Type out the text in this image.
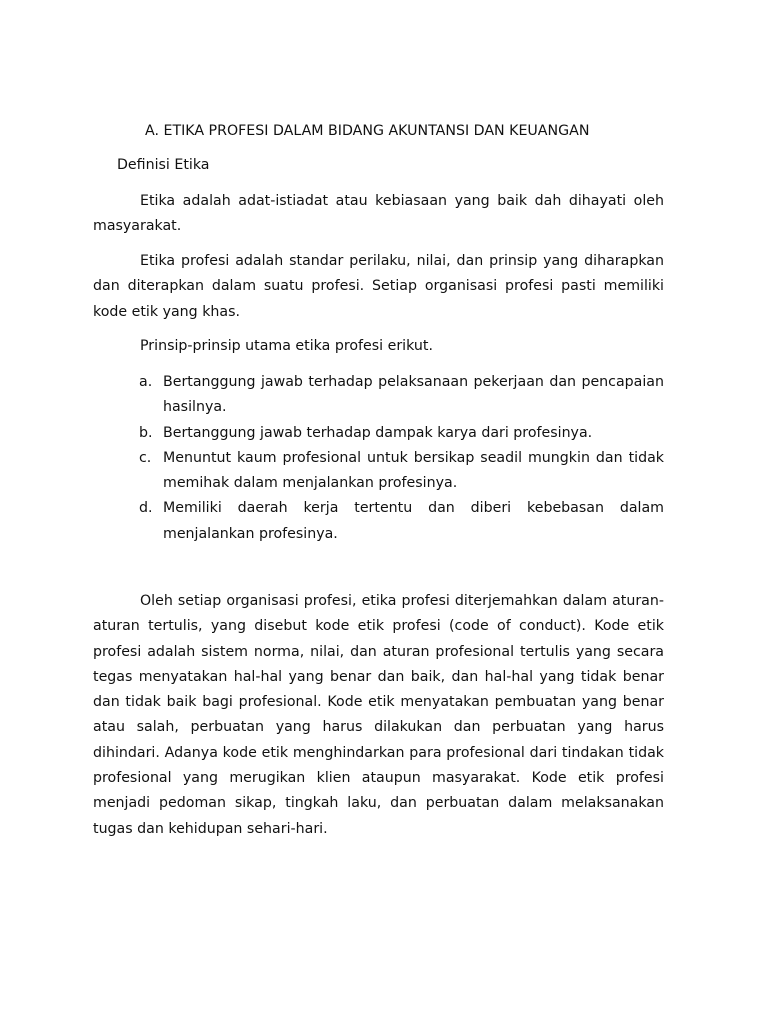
A. ETIKA PROFESI DALAM BIDANG AKUNTANSI DAN KEUANGAN
Definisi Etika

Etika adalah adat-istiadat atau kebiasaan yang baik dah dihayati oleh masyarakat.

Etika profesi adalah standar perilaku, nilai, dan prinsip yang diharapkan dan diterapkan dalam suatu profesi. Setiap organisasi profesi pasti memiliki kode etik yang khas.

Prinsip-prinsip utama etika profesi erikut.

a. Bertanggung jawab terhadap pelaksanaan pekerjaan dan pencapaian hasilnya.
b. Bertanggung jawab terhadap dampak karya dari profesinya.
c. Menuntut kaum profesional untuk bersikap seadil mungkin dan tidak memihak dalam menjalankan profesinya.
d. Memiliki daerah kerja tertentu dan diberi kebebasan dalam menjalankan profesinya.

Oleh setiap organisasi profesi, etika profesi diterjemahkan dalam aturan-aturan tertulis, yang disebut kode etik profesi (code of conduct). Kode etik profesi adalah sistem norma, nilai, dan aturan profesional tertulis yang secara tegas menyatakan hal-hal yang benar dan baik, dan hal-hal yang tidak benar dan tidak baik bagi profesional. Kode etik menyatakan pembuatan yang benar atau salah, perbuatan yang harus dilakukan dan perbuatan yang harus dihindari. Adanya kode etik menghindarkan para profesional dari tindakan tidak profesional yang merugikan klien ataupun masyarakat. Kode etik profesi menjadi pedoman sikap, tingkah laku, dan perbuatan dalam melaksanakan tugas dan kehidupan sehari-hari.
